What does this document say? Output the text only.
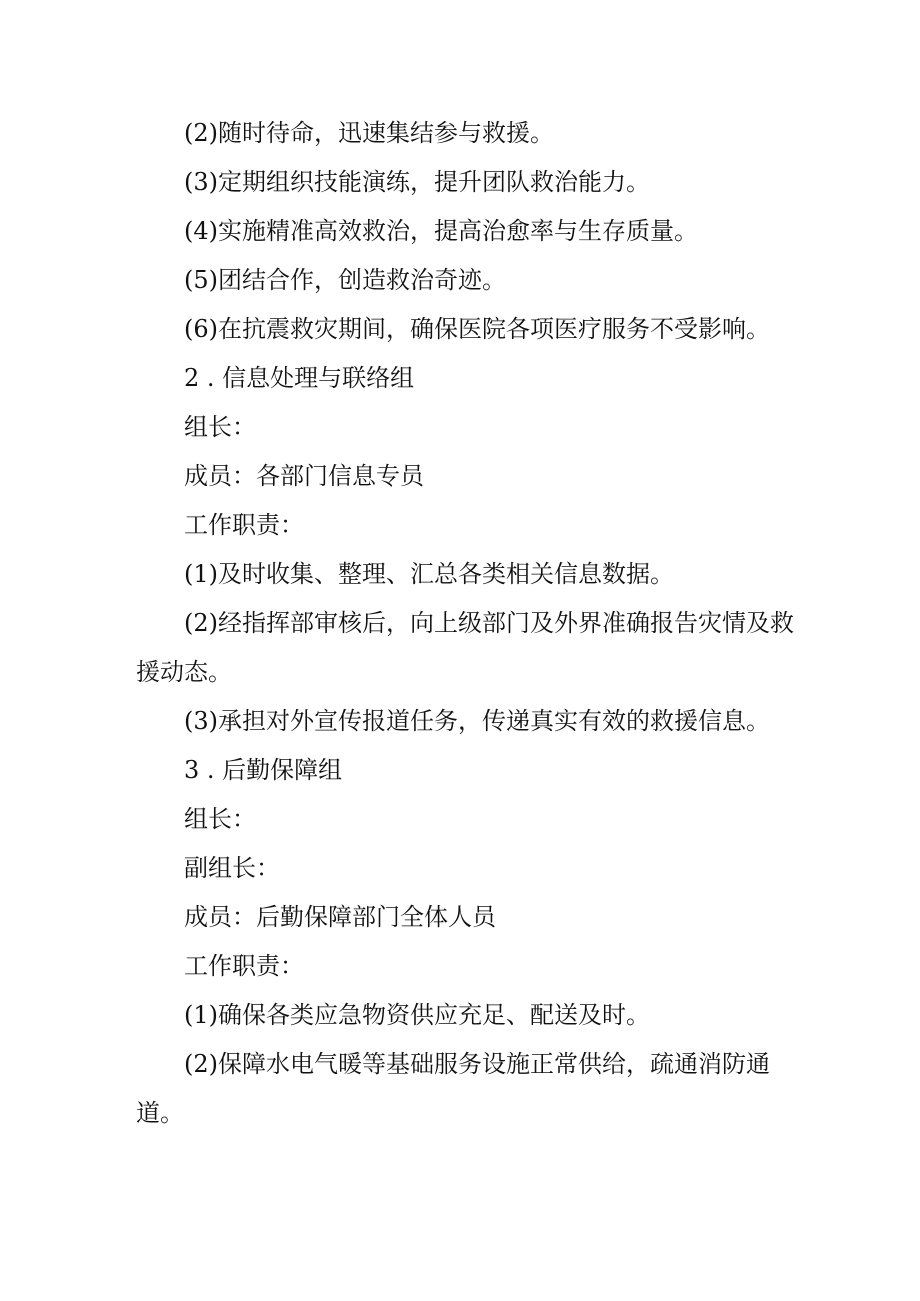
(2)随时待命，迅速集结参与救援。

(3)定期组织技能演练，提升团队救治能力。

(4)实施精准高效救治，提高治愈率与生存质量。

(5)团结合作，创造救治奇迹。

(6)在抗震救灾期间，确保医院各项医疗服务不受影响。

2 . 信息处理与联络组

组长：

成员：各部门信息专员

工作职责：

(1)及时收集、整理、汇总各类相关信息数据。

(2)经指挥部审核后，向上级部门及外界准确报告灾情及救

援动态。

(3)承担对外宣传报道任务，传递真实有效的救援信息。

3 . 后勤保障组

组长：

副组长：

成员：后勤保障部门全体人员

工作职责：

(1)确保各类应急物资供应充足、配送及时。

(2)保障水电气暖等基础服务设施正常供给，疏通消防通

道。
